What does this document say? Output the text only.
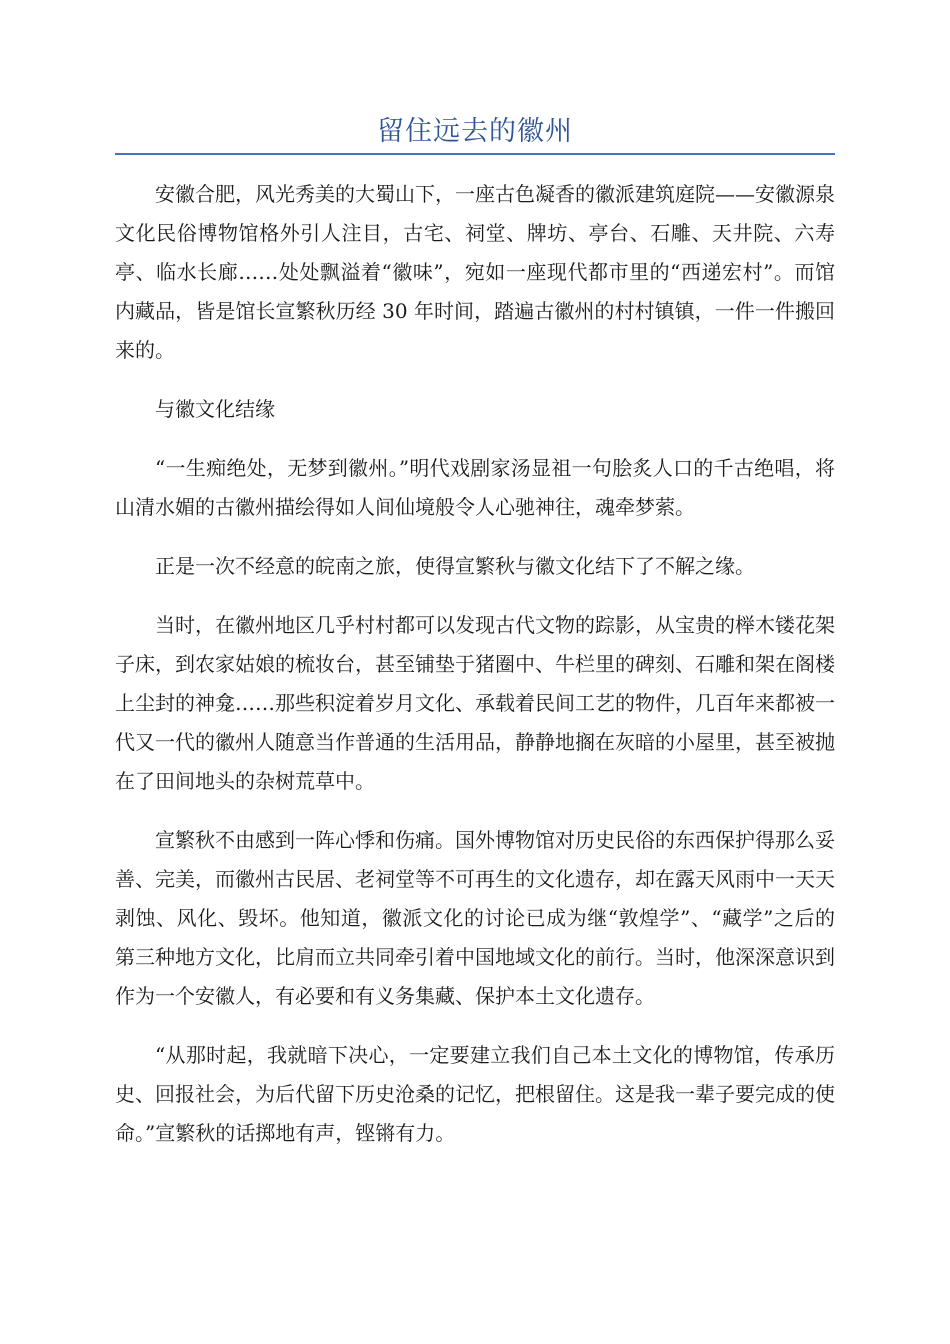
留住远去的徽州

安徽合肥，风光秀美的大蜀山下，一座古色凝香的徽派建筑庭院——安徽源泉文化民俗博物馆格外引人注目，古宅、祠堂、牌坊、亭台、石雕、天井院、六寿亭、临水长廊……处处飘溢着“徽味”，宛如一座现代都市里的“西递宏村”。而馆内藏品，皆是馆长宣繁秋历经 30 年时间，踏遍古徽州的村村镇镇，一件一件搬回来的。

与徽文化结缘

“一生痴绝处，无梦到徽州。”明代戏剧家汤显祖一句脍炙人口的千古绝唱，将山清水媚的古徽州描绘得如人间仙境般令人心驰神往，魂牵梦萦。

正是一次不经意的皖南之旅，使得宣繁秋与徽文化结下了不解之缘。

当时，在徽州地区几乎村村都可以发现古代文物的踪影，从宝贵的榉木镂花架子床，到农家姑娘的梳妆台，甚至铺垫于猪圈中、牛栏里的碑刻、石雕和架在阁楼上尘封的神龛……那些积淀着岁月文化、承载着民间工艺的物件，几百年来都被一代又一代的徽州人随意当作普通的生活用品，静静地搁在灰暗的小屋里，甚至被抛在了田间地头的杂树荒草中。

宣繁秋不由感到一阵心悸和伤痛。国外博物馆对历史民俗的东西保护得那么妥善、完美，而徽州古民居、老祠堂等不可再生的文化遗存，却在露天风雨中一天天剥蚀、风化、毁坏。他知道，徽派文化的讨论已成为继“敦煌学”、“藏学”之后的第三种地方文化，比肩而立共同牵引着中国地域文化的前行。当时，他深深意识到作为一个安徽人，有必要和有义务集藏、保护本土文化遗存。

“从那时起，我就暗下决心，一定要建立我们自己本土文化的博物馆，传承历史、回报社会，为后代留下历史沧桑的记忆，把根留住。这是我一辈子要完成的使命。”宣繁秋的话掷地有声，铿锵有力。
